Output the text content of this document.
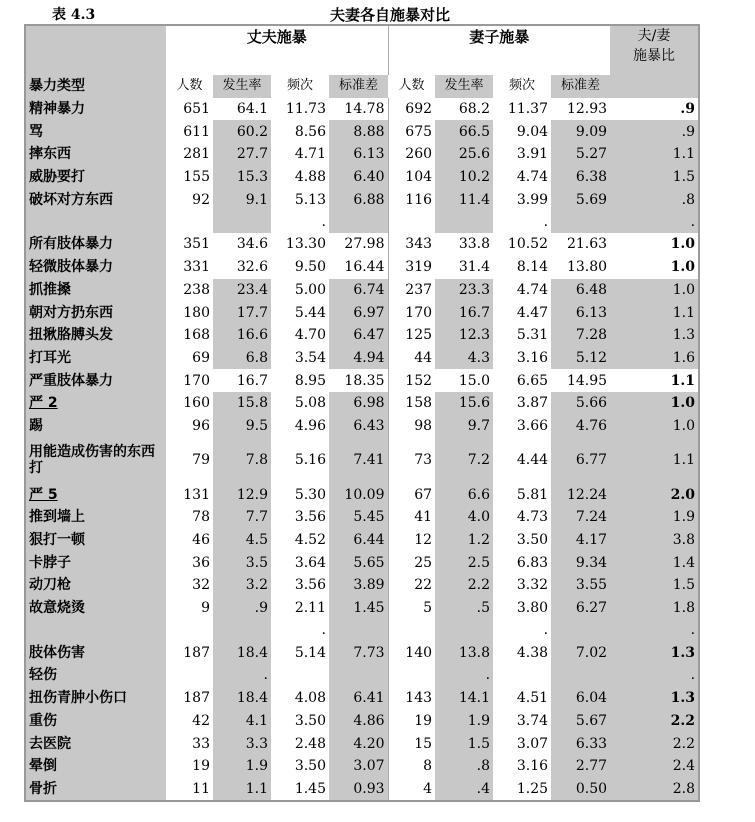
表 4.3	夫妻各自施暴对比
	丈夫施暴				妻子施暴				夫/妻
施暴比
暴力类型	人数	发生率	频次	标准差	人数	发生率	频次	标准差	
精神暴力	651	64.1	11.73	14.78	692	68.2	11.37	12.93	.9
骂	611	60.2	8.56	8.88	675	66.5	9.04	9.09	.9
摔东西	281	27.7	4.71	6.13	260	25.6	3.91	5.27	1.1
威胁要打	155	15.3	4.88	6.40	104	10.2	4.74	6.38	1.5
破坏对方东西	92	9.1	5.13	6.88	116	11.4	3.99	5.69	.8
			.				.		.
所有肢体暴力	351	34.6	13.30	27.98	343	33.8	10.52	21.63	1.0
轻微肢体暴力	331	32.6	9.50	16.44	319	31.4	8.14	13.80	1.0
抓推搡	238	23.4	5.00	6.74	237	23.3	4.74	6.48	1.0
朝对方扔东西	180	17.7	5.44	6.97	170	16.7	4.47	6.13	1.1
扭揪胳膊头发	168	16.6	4.70	6.47	125	12.3	5.31	7.28	1.3
打耳光	69	6.8	3.54	4.94	44	4.3	3.16	5.12	1.6
严重肢体暴力	170	16.7	8.95	18.35	152	15.0	6.65	14.95	1.1
严 2	160	15.8	5.08	6.98	158	15.6	3.87	5.66	1.0
踢	96	9.5	4.96	6.43	98	9.7	3.66	4.76	1.0
用能造成伤害的东西打	79	7.8	5.16	7.41	73	7.2	4.44	6.77	1.1
严 5	131	12.9	5.30	10.09	67	6.6	5.81	12.24	2.0
推到墙上	78	7.7	3.56	5.45	41	4.0	4.73	7.24	1.9
狠打一顿	46	4.5	4.52	6.44	12	1.2	3.50	4.17	3.8
卡脖子	36	3.5	3.64	5.65	25	2.5	6.83	9.34	1.4
动刀枪	32	3.2	3.56	3.89	22	2.2	3.32	3.55	1.5
故意烧烫	9	.9	2.11	1.45	5	.5	3.80	6.27	1.8
			.				.		.
肢体伤害	187	18.4	5.14	7.73	140	13.8	4.38	7.02	1.3
轻伤		.				.			.
扭伤青肿小伤口	187	18.4	4.08	6.41	143	14.1	4.51	6.04	1.3
重伤	42	4.1	3.50	4.86	19	1.9	3.74	5.67	2.2
去医院	33	3.3	2.48	4.20	15	1.5	3.07	6.33	2.2
晕倒	19	1.9	3.50	3.07	8	.8	3.16	2.77	2.4
骨折	11	1.1	1.45	0.93	4	.4	1.25	0.50	2.8
